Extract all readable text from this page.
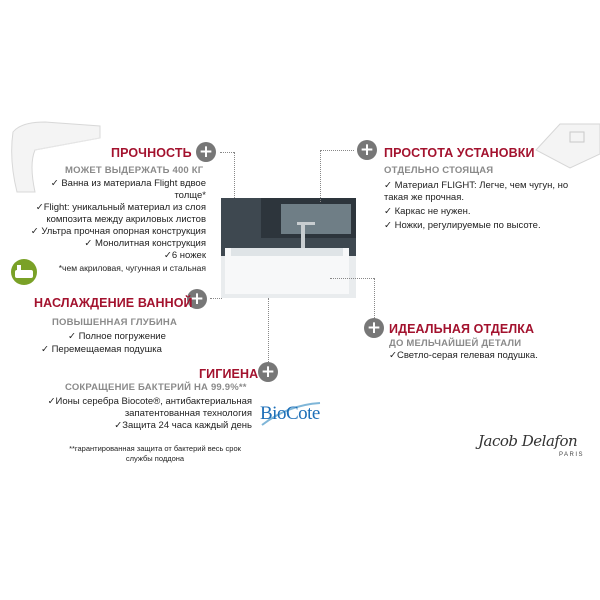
+
+
+
+
+
ПРОЧНОСТЬ
МОЖЕТ ВЫДЕРЖАТЬ 400 КГ
✓ Ванна из материала Flight вдвое
толще*
✓Flight: уникальный материал из слоя
композита между акриловых листов
✓ Ультра прочная опорная конструкция
✓ Монолитная конструкция
✓6 ножек
*чем акриловая, чугунная и стальная
НАСЛАЖДЕНИЕ ВАННОЙ
ПОВЫШЕННАЯ ГЛУБИНА
✓ Полное погружение
✓ Перемещаемая подушка
ГИГИЕНА
СОКРАЩЕНИЕ БАКТЕРИЙ НА 99.9%**
✓Ионы серебра Biocote®, антибактериальная
запатентованная технология
✓Защита 24 часа каждый день
**гарантированная защита от бактерий весь срок
службы поддона
BioCote
ПРОСТОТА УСТАНОВКИ
ОТДЕЛЬНО СТОЯЩАЯ
✓ Материал FLIGHT: Легче, чем чугун, но
такая же прочная.
✓ Каркас не нужен.
✓ Ножки, регулируемые по высоте.
ИДЕАЛЬНАЯ ОТДЕЛКА
ДО МЕЛЬЧАЙШЕЙ ДЕТАЛИ
✓Светло-серая гелевая подушка.
Jacob Delafon
PARIS
